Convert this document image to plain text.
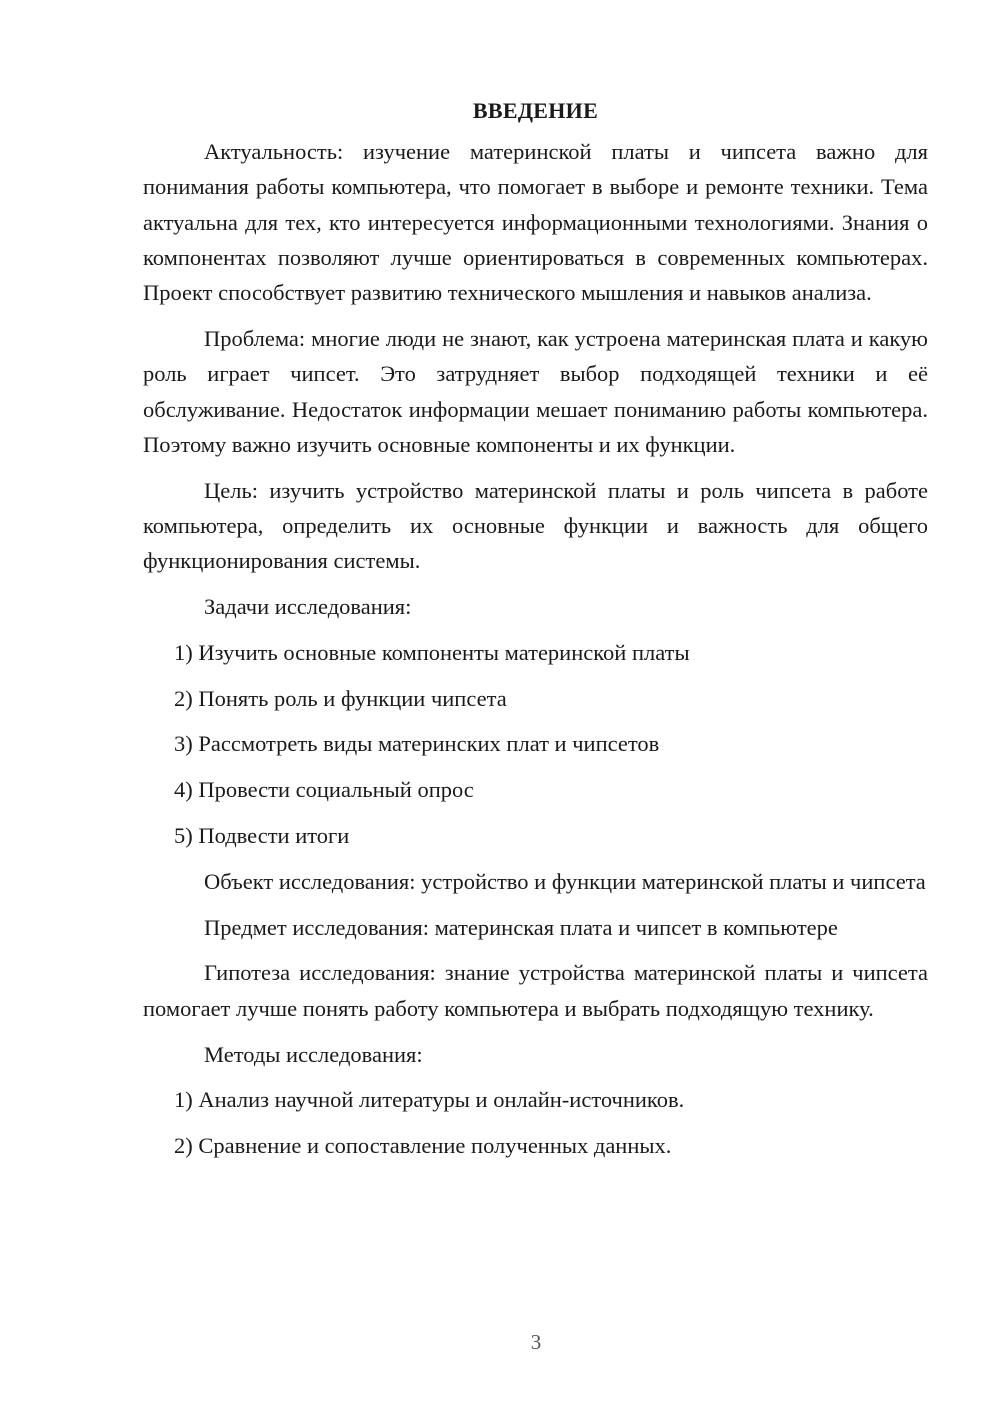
ВВЕДЕНИЕ

Актуальность: изучение материнской платы и чипсета важно для понимания работы компьютера, что помогает в выборе и ремонте техники. Тема актуальна для тех, кто интересуется информационными технологиями. Знания о компонентах позволяют лучше ориентироваться в современных компьютерах. Проект способствует развитию технического мышления и навыков анализа.

Проблема: многие люди не знают, как устроена материнская плата и какую роль играет чипсет. Это затрудняет выбор подходящей техники и её обслуживание. Недостаток информации мешает пониманию работы компьютера. Поэтому важно изучить основные компоненты и их функции.

Цель: изучить устройство материнской платы и роль чипсета в работе компьютера, определить их основные функции и важность для общего функционирования системы.

Задачи исследования:
1) Изучить основные компоненты материнской платы
2) Понять роль и функции чипсета
3) Рассмотреть виды материнских плат и чипсетов
4) Провести социальный опрос
5) Подвести итоги

Объект исследования: устройство и функции материнской платы и чипсета

Предмет исследования: материнская плата и чипсет в компьютере

Гипотеза исследования: знание устройства материнской платы и чипсета помогает лучше понять работу компьютера и выбрать подходящую технику.

Методы исследования:
1) Анализ научной литературы и онлайн-источников.
2) Сравнение и сопоставление полученных данных.
3
